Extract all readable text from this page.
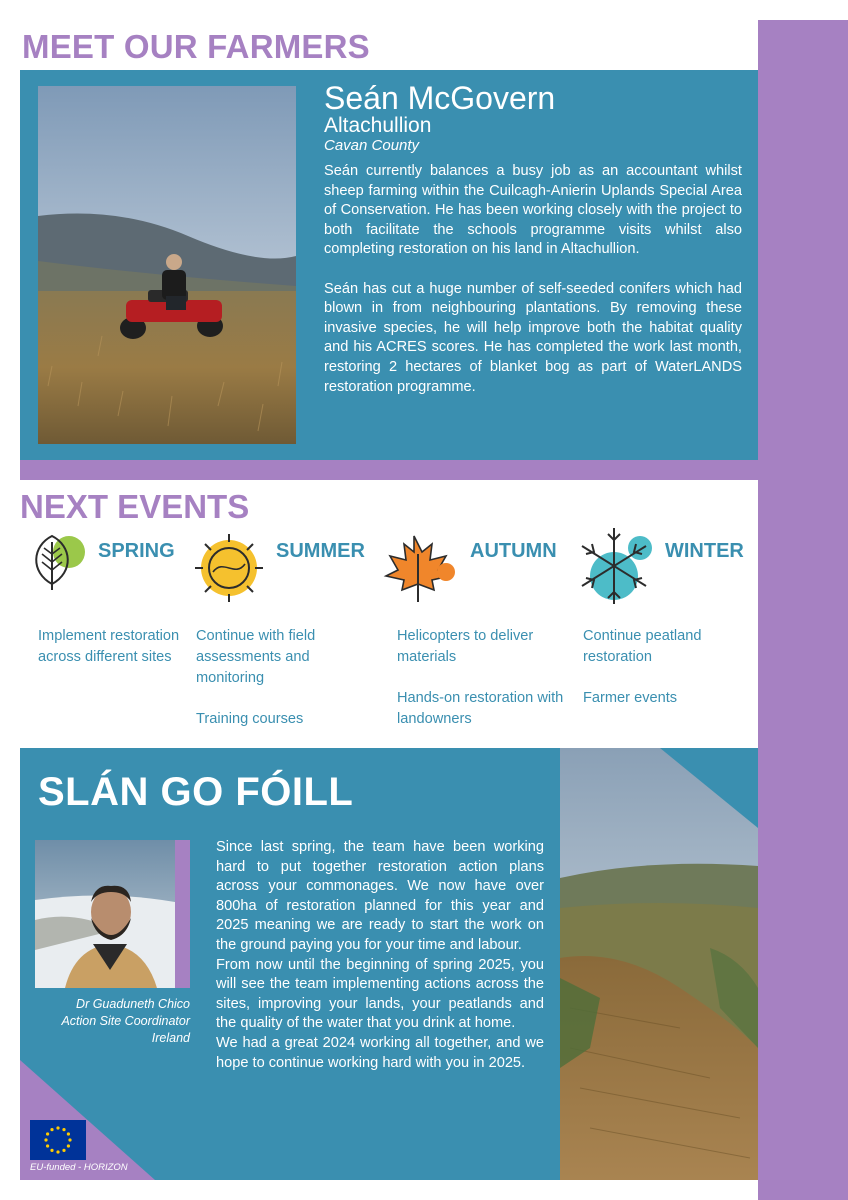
MEET OUR FARMERS
Seán McGovern
Altachullion
Cavan County

Seán currently balances a busy job as an accountant whilst sheep farming within the Cuilcagh-Anierin Uplands Special Area of Conservation. He has been working closely with the project to both facilitate the schools programme visits whilst also completing restoration on his land in Altachullion.

Seán has cut a huge number of self-seeded conifers which had blown in from neighbouring plantations. By removing these invasive species, he will help improve both the habitat quality and his ACRES scores. He has completed the work last month, restoring 2 hectares of blanket bog as part of WaterLANDS restoration programme.

NEXT EVENTS
SPRING
Implement restoration across different sites
SUMMER
Continue with field assessments and monitoring
Training courses
AUTUMN
Helicopters to deliver materials
Hands-on restoration with landowners
WINTER
Continue peatland restoration
Farmer events
SLÁN GO FÓILL
Dr Guaduneth Chico
Action Site Coordinator
Ireland

Since last spring, the team have been working hard to put together restoration action plans across your commonages. We now have over 800ha of restoration planned for this year and 2025 meaning we are ready to start the work on the ground paying you for your time and labour.

From now until the beginning of spring 2025, you will see the team implementing actions across the sites, improving your lands, your peatlands and the quality of the water that you drink at home.

We had a great 2024 working all together, and we hope to continue working hard with you in 2025.

EU-funded - HORIZON
